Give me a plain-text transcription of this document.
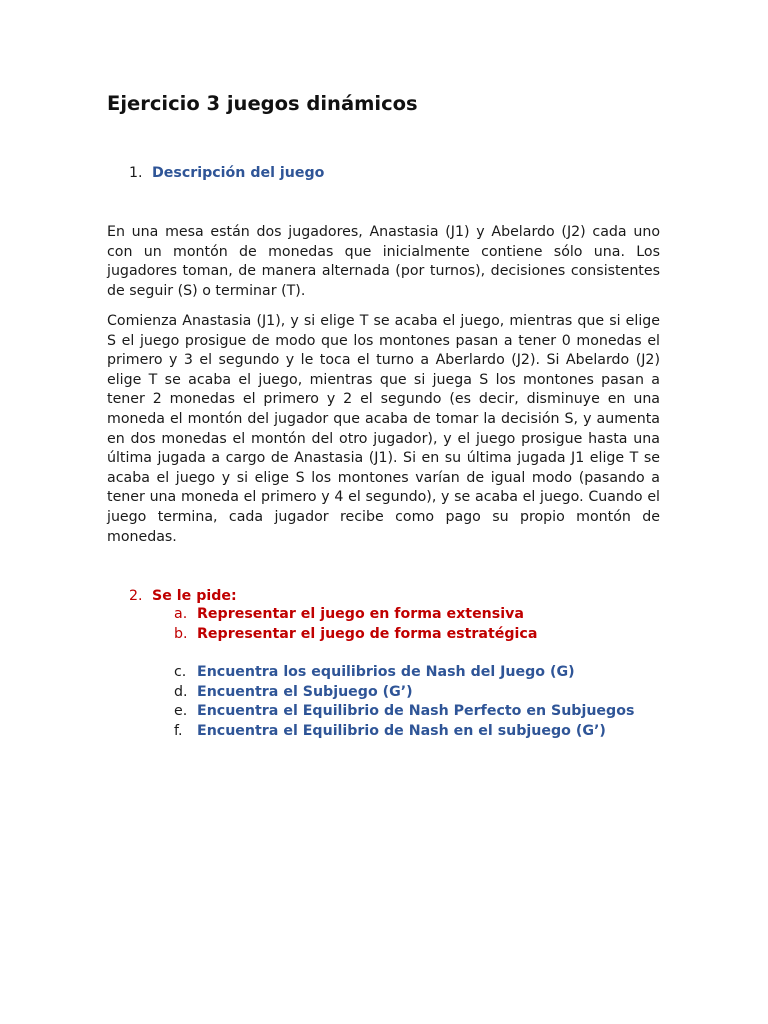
Ejercicio 3 juegos dinámicos
1. Descripción del juego

En una mesa están dos jugadores, Anastasia (J1) y Abelardo (J2) cada uno con un montón de monedas que inicialmente contiene sólo una. Los jugadores toman, de manera alternada (por turnos), decisiones consistentes de seguir (S) o terminar (T).

Comienza Anastasia (J1), y si elige T se acaba el juego, mientras que si elige S el juego prosigue de modo que los montones pasan a tener 0 monedas el primero y 3 el segundo y le toca el turno a Aberlardo (J2). Si Abelardo (J2) elige T se acaba el juego, mientras que si juega S los montones pasan a tener 2 monedas el primero y 2 el segundo (es decir, disminuye en una moneda el montón del jugador que acaba de tomar la decisión S, y aumenta en dos monedas el montón del otro jugador), y el juego prosigue hasta una última jugada a cargo de Anastasia (J1). Si en su última jugada J1 elige T se acaba el juego y si elige S los montones varían de igual modo (pasando a tener una moneda el primero y 4 el segundo), y se acaba el juego. Cuando el juego termina, cada jugador recibe como pago su propio montón de monedas.

2. Se le pide:
a. Representar el juego en forma extensiva
b. Representar el juego de forma estratégica
c. Encuentra los equilibrios de Nash del Juego (G)
d. Encuentra el Subjuego (G’)
e. Encuentra el Equilibrio de Nash Perfecto en Subjuegos
f. Encuentra el Equilibrio de Nash en el subjuego (G’)
